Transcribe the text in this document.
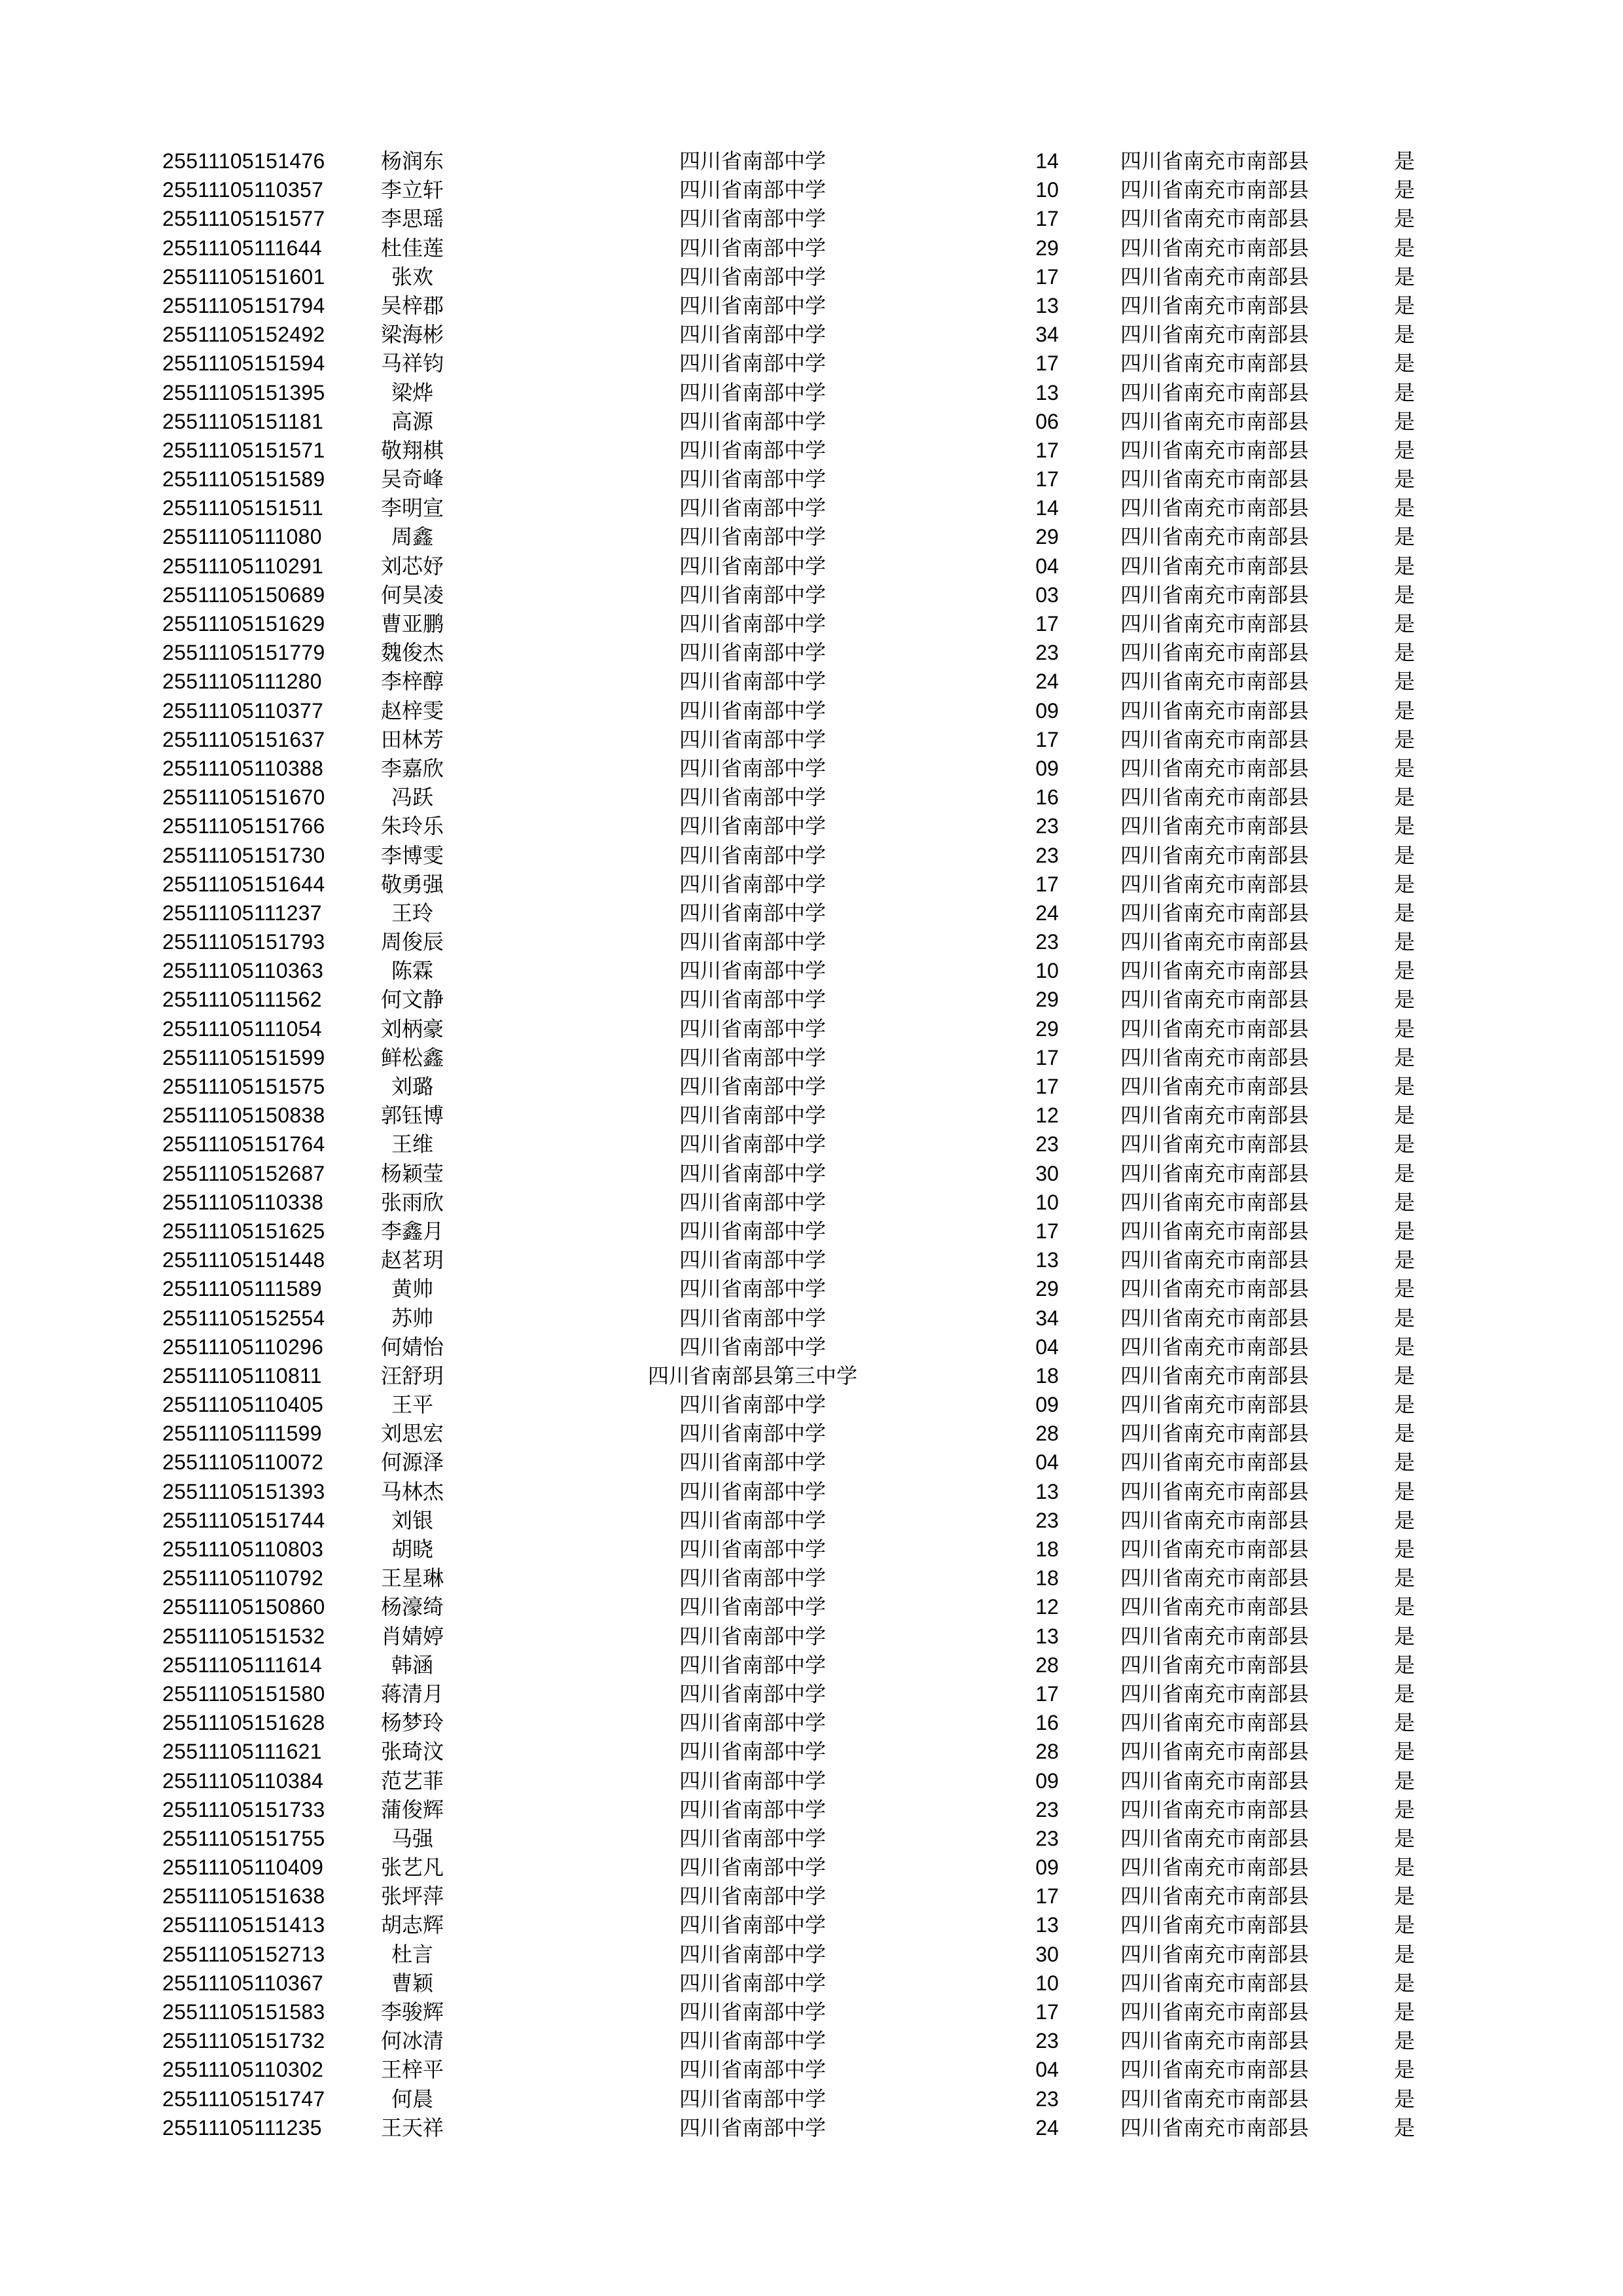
25511105151476	杨润东	四川省南部中学	14	四川省南充市南部县	是
25511105110357	李立轩	四川省南部中学	10	四川省南充市南部县	是
25511105151577	李思瑶	四川省南部中学	17	四川省南充市南部县	是
25511105111644	杜佳莲	四川省南部中学	29	四川省南充市南部县	是
25511105151601	张欢	四川省南部中学	17	四川省南充市南部县	是
25511105151794	吴梓郡	四川省南部中学	13	四川省南充市南部县	是
25511105152492	梁海彬	四川省南部中学	34	四川省南充市南部县	是
25511105151594	马祥钧	四川省南部中学	17	四川省南充市南部县	是
25511105151395	梁烨	四川省南部中学	13	四川省南充市南部县	是
25511105151181	高源	四川省南部中学	06	四川省南充市南部县	是
25511105151571	敬翔棋	四川省南部中学	17	四川省南充市南部县	是
25511105151589	吴奇峰	四川省南部中学	17	四川省南充市南部县	是
25511105151511	李明宣	四川省南部中学	14	四川省南充市南部县	是
25511105111080	周鑫	四川省南部中学	29	四川省南充市南部县	是
25511105110291	刘芯妤	四川省南部中学	04	四川省南充市南部县	是
25511105150689	何昊凌	四川省南部中学	03	四川省南充市南部县	是
25511105151629	曹亚鹏	四川省南部中学	17	四川省南充市南部县	是
25511105151779	魏俊杰	四川省南部中学	23	四川省南充市南部县	是
25511105111280	李梓醇	四川省南部中学	24	四川省南充市南部县	是
25511105110377	赵梓雯	四川省南部中学	09	四川省南充市南部县	是
25511105151637	田林芳	四川省南部中学	17	四川省南充市南部县	是
25511105110388	李嘉欣	四川省南部中学	09	四川省南充市南部县	是
25511105151670	冯跃	四川省南部中学	16	四川省南充市南部县	是
25511105151766	朱玲乐	四川省南部中学	23	四川省南充市南部县	是
25511105151730	李博雯	四川省南部中学	23	四川省南充市南部县	是
25511105151644	敬勇强	四川省南部中学	17	四川省南充市南部县	是
25511105111237	王玲	四川省南部中学	24	四川省南充市南部县	是
25511105151793	周俊辰	四川省南部中学	23	四川省南充市南部县	是
25511105110363	陈霖	四川省南部中学	10	四川省南充市南部县	是
25511105111562	何文静	四川省南部中学	29	四川省南充市南部县	是
25511105111054	刘柄豪	四川省南部中学	29	四川省南充市南部县	是
25511105151599	鲜松鑫	四川省南部中学	17	四川省南充市南部县	是
25511105151575	刘璐	四川省南部中学	17	四川省南充市南部县	是
25511105150838	郭钰博	四川省南部中学	12	四川省南充市南部县	是
25511105151764	王维	四川省南部中学	23	四川省南充市南部县	是
25511105152687	杨颖莹	四川省南部中学	30	四川省南充市南部县	是
25511105110338	张雨欣	四川省南部中学	10	四川省南充市南部县	是
25511105151625	李鑫月	四川省南部中学	17	四川省南充市南部县	是
25511105151448	赵茗玥	四川省南部中学	13	四川省南充市南部县	是
25511105111589	黄帅	四川省南部中学	29	四川省南充市南部县	是
25511105152554	苏帅	四川省南部中学	34	四川省南充市南部县	是
25511105110296	何婧怡	四川省南部中学	04	四川省南充市南部县	是
25511105110811	汪舒玥	四川省南部县第三中学	18	四川省南充市南部县	是
25511105110405	王平	四川省南部中学	09	四川省南充市南部县	是
25511105111599	刘思宏	四川省南部中学	28	四川省南充市南部县	是
25511105110072	何源泽	四川省南部中学	04	四川省南充市南部县	是
25511105151393	马林杰	四川省南部中学	13	四川省南充市南部县	是
25511105151744	刘银	四川省南部中学	23	四川省南充市南部县	是
25511105110803	胡晓	四川省南部中学	18	四川省南充市南部县	是
25511105110792	王星琳	四川省南部中学	18	四川省南充市南部县	是
25511105150860	杨濠绮	四川省南部中学	12	四川省南充市南部县	是
25511105151532	肖婧婷	四川省南部中学	13	四川省南充市南部县	是
25511105111614	韩涵	四川省南部中学	28	四川省南充市南部县	是
25511105151580	蒋清月	四川省南部中学	17	四川省南充市南部县	是
25511105151628	杨梦玲	四川省南部中学	16	四川省南充市南部县	是
25511105111621	张琦汶	四川省南部中学	28	四川省南充市南部县	是
25511105110384	范艺菲	四川省南部中学	09	四川省南充市南部县	是
25511105151733	蒲俊辉	四川省南部中学	23	四川省南充市南部县	是
25511105151755	马强	四川省南部中学	23	四川省南充市南部县	是
25511105110409	张艺凡	四川省南部中学	09	四川省南充市南部县	是
25511105151638	张坪萍	四川省南部中学	17	四川省南充市南部县	是
25511105151413	胡志辉	四川省南部中学	13	四川省南充市南部县	是
25511105152713	杜言	四川省南部中学	30	四川省南充市南部县	是
25511105110367	曹颖	四川省南部中学	10	四川省南充市南部县	是
25511105151583	李骏辉	四川省南部中学	17	四川省南充市南部县	是
25511105151732	何冰清	四川省南部中学	23	四川省南充市南部县	是
25511105110302	王梓平	四川省南部中学	04	四川省南充市南部县	是
25511105151747	何晨	四川省南部中学	23	四川省南充市南部县	是
25511105111235	王天祥	四川省南部中学	24	四川省南充市南部县	是
